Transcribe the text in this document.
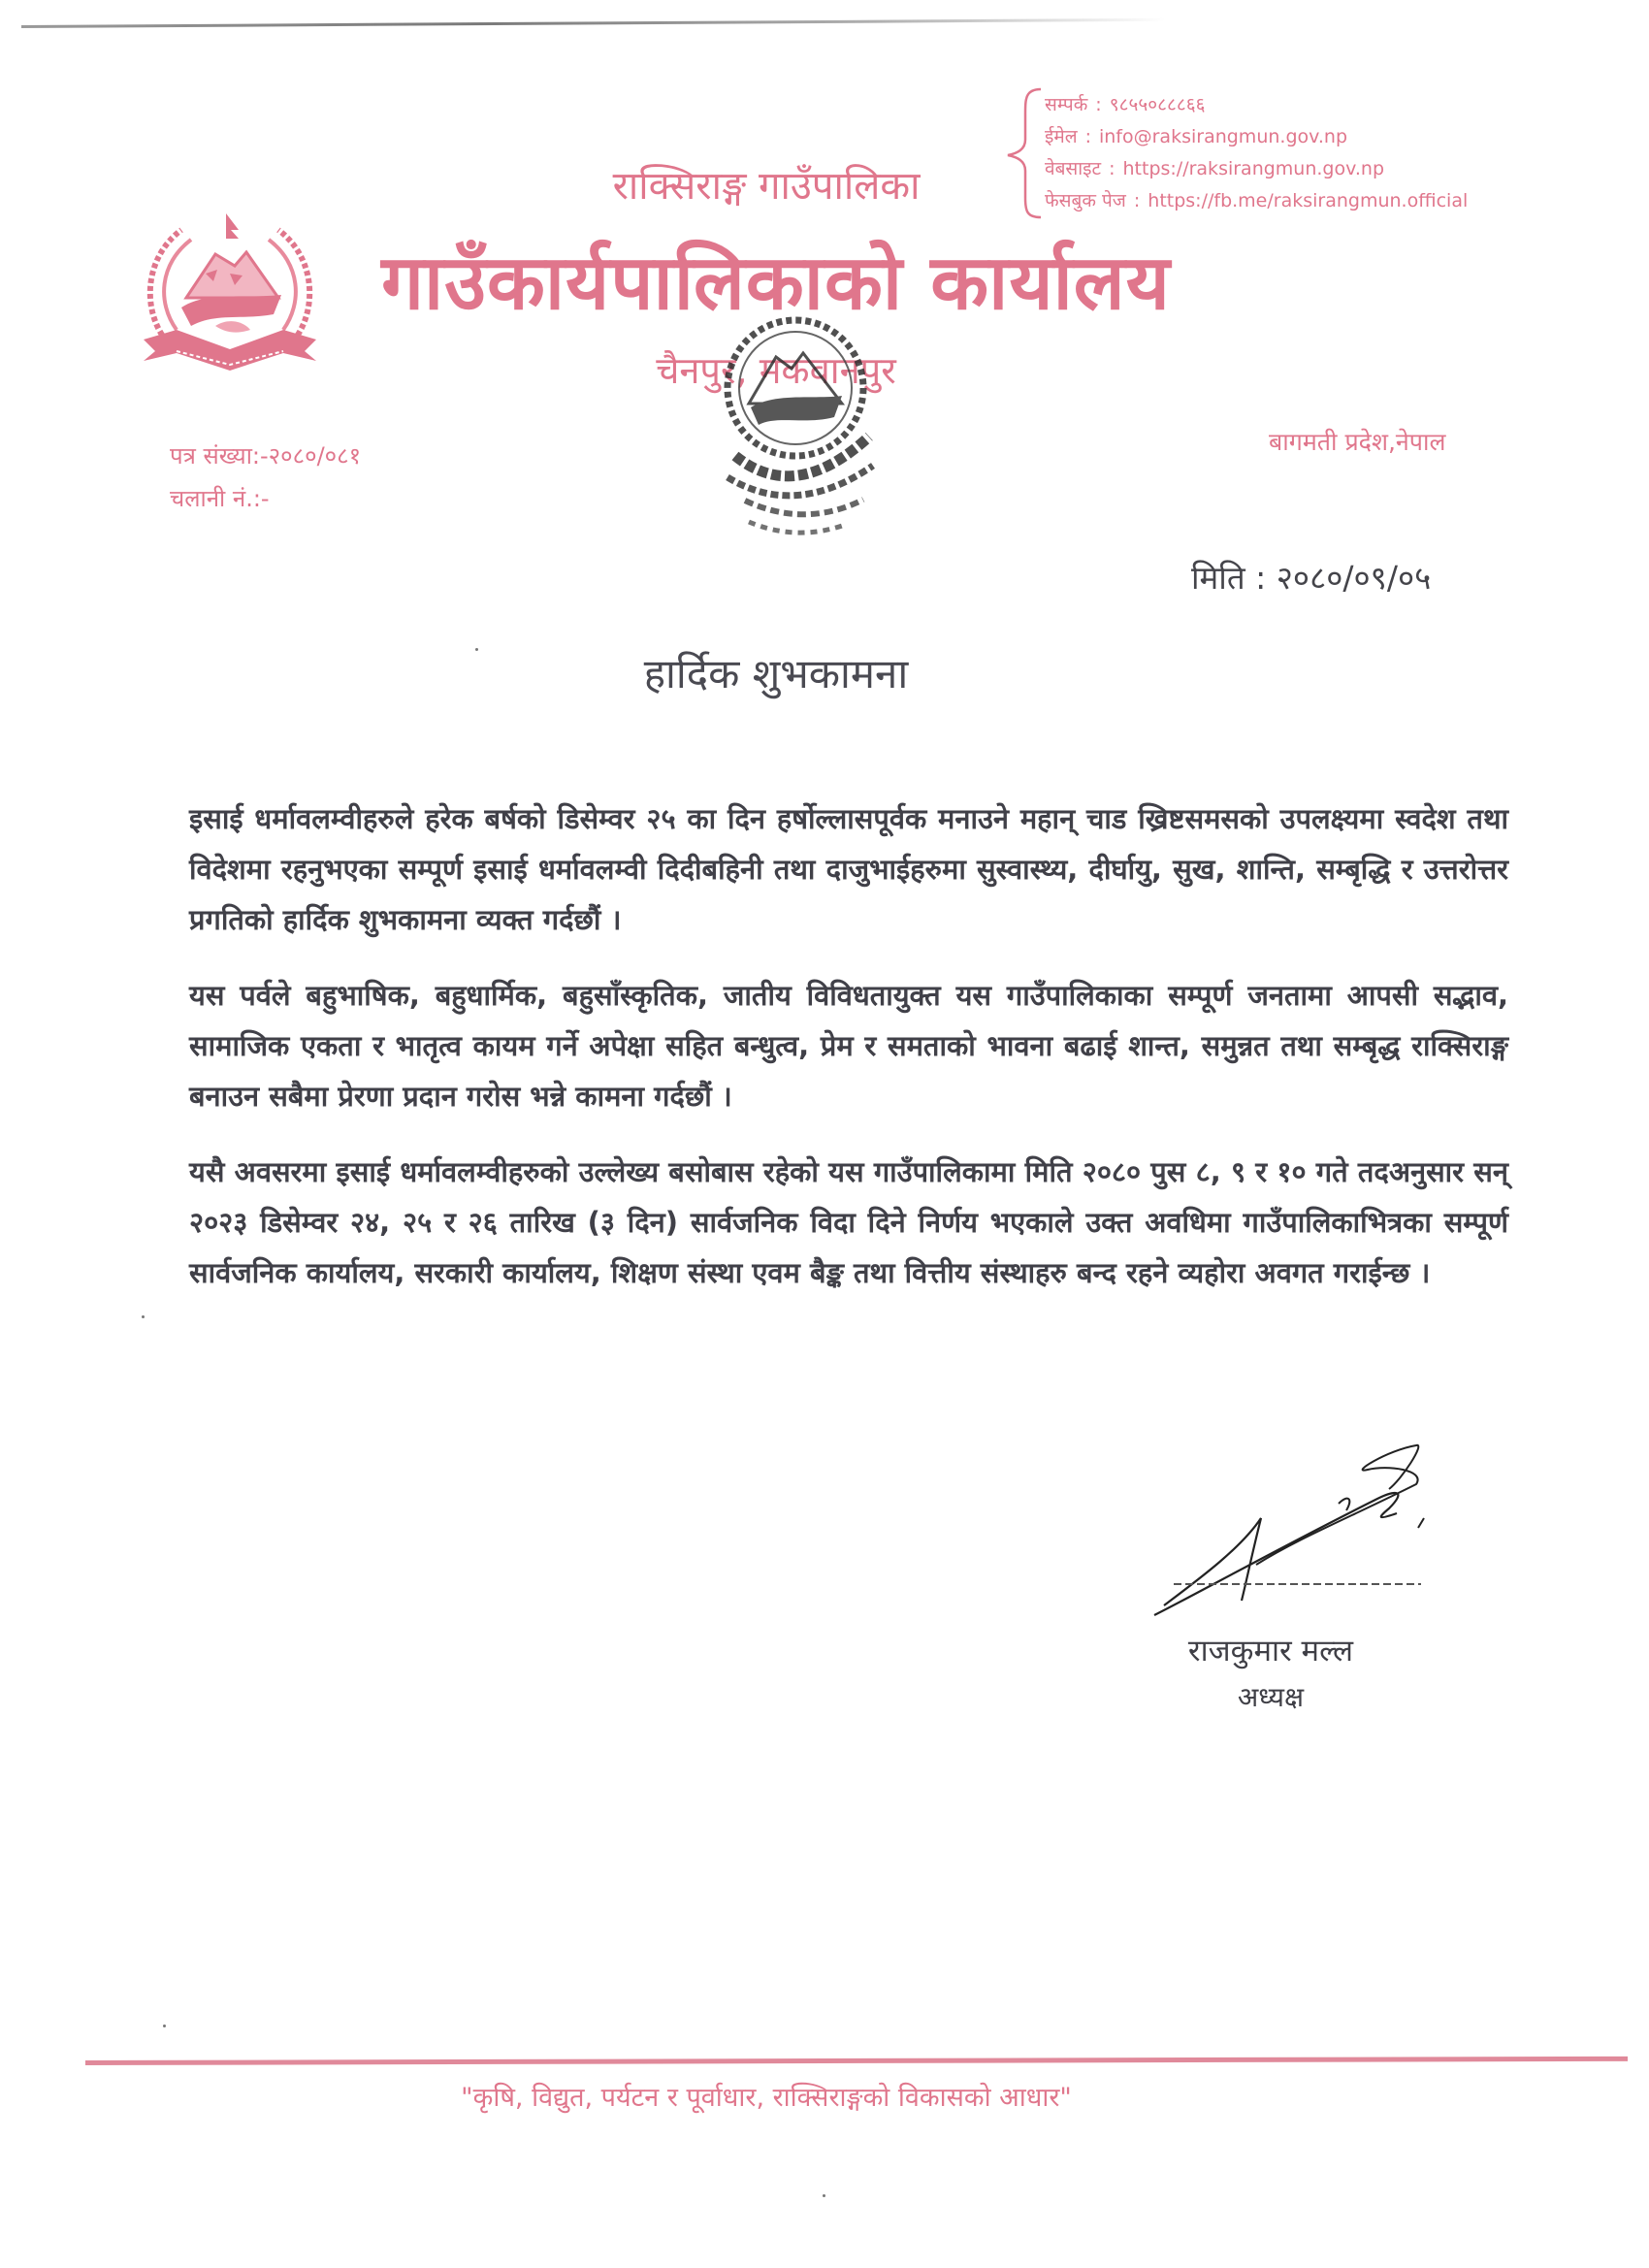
राक्सिराङ्ग गाउँपालिका
गाउँकार्यपालिकाको कार्यालय
चैनपुर, मकवानपुर
सम्पर्क : ९८५५०८८८६६
ईमेल : info@raksirangmun.gov.np
वेबसाइट : https://raksirangmun.gov.np
फेसबुक पेज : https://fb.me/raksirangmun.official
पत्र संख्या:-२०८०/०८१
चलानी नं.:-
बागमती प्रदेश,नेपाल
मिति : २०८०/०९/०५
हार्दिक शुभकामना

इसाई धर्मावलम्वीहरुले हरेक बर्षको डिसेम्वर २५ का दिन हर्षोल्लासपूर्वक मनाउने महान् चाड ख्रिष्टसमसको उपलक्ष्यमा स्वदेश तथा विदेशमा रहनुभएका सम्पूर्ण इसाई धर्मावलम्वी दिदीबहिनी तथा दाजुभाईहरुमा सुस्वास्थ्य, दीर्घायु, सुख, शान्ति, सम्बृद्धि र उत्तरोत्तर प्रगतिको हार्दिक शुभकामना व्यक्त गर्दछौं ।

यस पर्वले बहुभाषिक, बहुधार्मिक, बहुसाँस्कृतिक, जातीय विविधतायुक्त यस गाउँपालिकाका सम्पूर्ण जनतामा आपसी सद्भाव, सामाजिक एकता र भातृत्व कायम गर्ने अपेक्षा सहित बन्धुत्व, प्रेम र समताको भावना बढाई शान्त, समुन्नत तथा सम्बृद्ध राक्सिराङ्ग बनाउन सबैमा प्रेरणा प्रदान गरोस भन्ने कामना गर्दछौं ।

यसै अवसरमा इसाई धर्मावलम्वीहरुको उल्लेख्य बसोबास रहेको यस गाउँपालिकामा मिति २०८० पुस ८, ९ र १० गते तदअनुसार सन् २०२३ डिसेम्वर २४, २५ र २६ तारिख (३ दिन) सार्वजनिक विदा दिने निर्णय भएकाले उक्त अवधिमा गाउँपालिकाभित्रका सम्पूर्ण सार्वजनिक कार्यालय, सरकारी कार्यालय, शिक्षण संस्था एवम बैङ्क तथा वित्तीय संस्थाहरु बन्द रहने व्यहोरा अवगत गराईन्छ ।

राजकुमार मल्ल
अध्यक्ष
"कृषि, विद्युत, पर्यटन र पूर्वाधार, राक्सिराङ्गको विकासको आधार"
